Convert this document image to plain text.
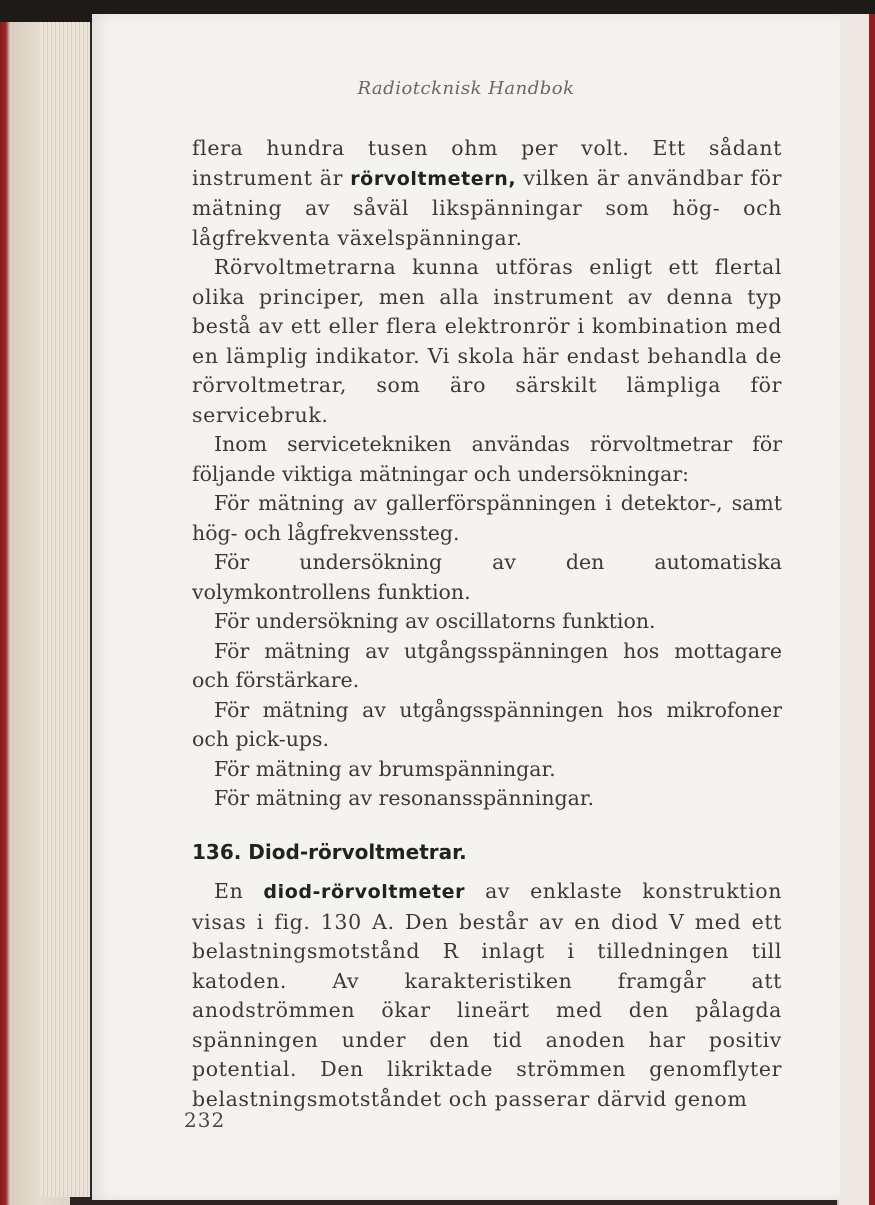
Radiotcknisk Handbok

flera hundra tusen ohm per volt. Ett sådant instrument är rörvoltmetern, vilken är användbar för mätning av såväl likspänningar som hög- och lågfrekventa växelspänningar.

Rörvoltmetrarna kunna utföras enligt ett flertal olika principer, men alla instrument av denna typ bestå av ett eller flera elektronrör i kombination med en lämplig indikator. Vi skola här endast behandla de rörvoltmetrar, som äro särskilt lämpliga för servicebruk.

Inom servicetekniken användas rörvoltmetrar för följande viktiga mätningar och undersökningar:

För mätning av gallerförspänningen i detektor-, samt hög- och lågfrekvenssteg.

För undersökning av den automatiska volymkontrollens funktion.

För undersökning av oscillatorns funktion.

För mätning av utgångsspänningen hos mottagare och förstärkare.

För mätning av utgångsspänningen hos mikrofoner och pick-ups.

För mätning av brumspänningar.

För mätning av resonansspänningar.

136. Diod-rörvoltmetrar.

En diod-rörvoltmeter av enklaste konstruktion visas i fig. 130 A. Den består av en diod V med ett belastningsmotstånd R inlagt i tilledningen till katoden. Av karakteristiken framgår att anodströmmen ökar lineärt med den pålagda spänningen under den tid anoden har positiv potential. Den likriktade strömmen genomflyter belastningsmotståndet och passerar därvid genom

232
